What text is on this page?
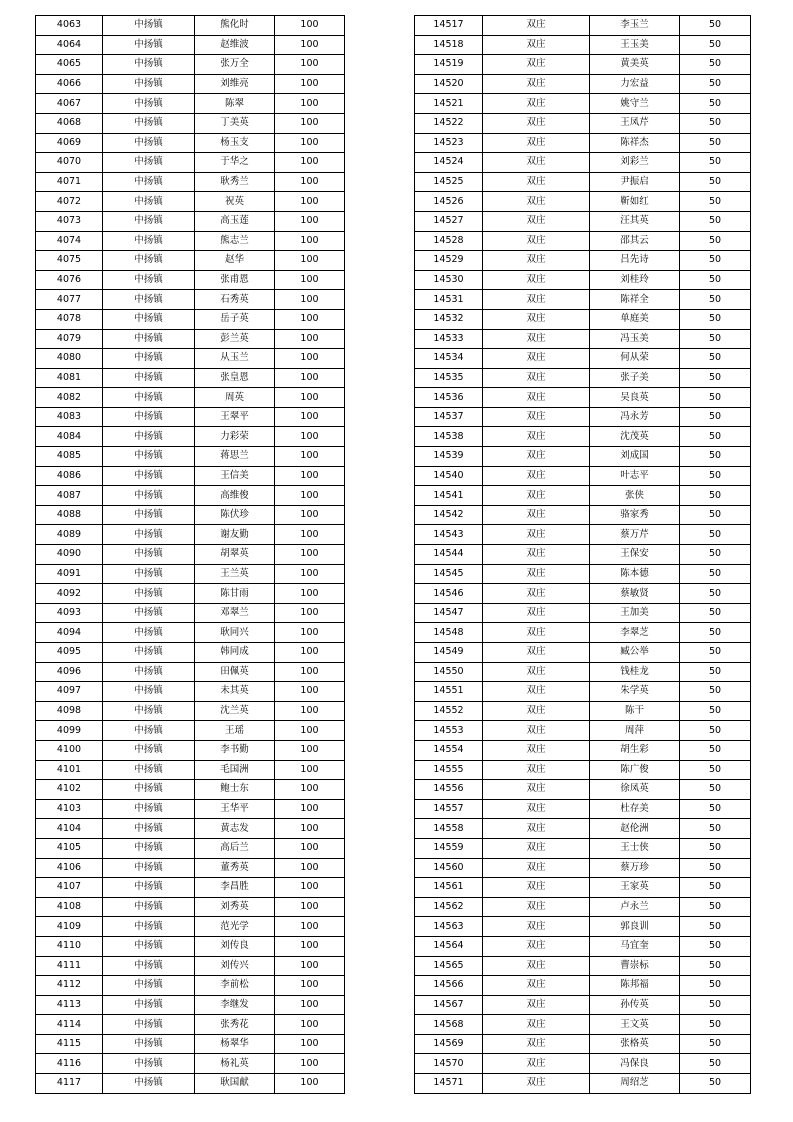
4063	中扬镇	熊化时	100
4064	中扬镇	赵维波	100
4065	中扬镇	张万全	100
4066	中扬镇	刘维亮	100
4067	中扬镇	陈翠	100
4068	中扬镇	丁美英	100
4069	中扬镇	杨玉支	100
4070	中扬镇	于华之	100
4071	中扬镇	耿秀兰	100
4072	中扬镇	祝英	100
4073	中扬镇	高玉莲	100
4074	中扬镇	熊志兰	100
4075	中扬镇	赵华	100
4076	中扬镇	张甫恩	100
4077	中扬镇	石秀英	100
4078	中扬镇	岳子英	100
4079	中扬镇	彭兰英	100
4080	中扬镇	从玉兰	100
4081	中扬镇	张皇恩	100
4082	中扬镇	周英	100
4083	中扬镇	王翠平	100
4084	中扬镇	力彩荣	100
4085	中扬镇	蒋思兰	100
4086	中扬镇	王信美	100
4087	中扬镇	高维俊	100
4088	中扬镇	陈伏珍	100
4089	中扬镇	谢友勤	100
4090	中扬镇	胡翠英	100
4091	中扬镇	王兰英	100
4092	中扬镇	陈甘雨	100
4093	中扬镇	邓翠兰	100
4094	中扬镇	耿同兴	100
4095	中扬镇	韩同成	100
4096	中扬镇	田佩英	100
4097	中扬镇	未其英	100
4098	中扬镇	沈兰英	100
4099	中扬镇	王瑶	100
4100	中扬镇	李书勤	100
4101	中扬镇	毛国洲	100
4102	中扬镇	鲍士东	100
4103	中扬镇	王华平	100
4104	中扬镇	黄志发	100
4105	中扬镇	高后兰	100
4106	中扬镇	董秀英	100
4107	中扬镇	李昌胜	100
4108	中扬镇	刘秀英	100
4109	中扬镇	范光学	100
4110	中扬镇	刘传良	100
4111	中扬镇	刘传兴	100
4112	中扬镇	李前松	100
4113	中扬镇	李继发	100
4114	中扬镇	张秀花	100
4115	中扬镇	杨翠华	100
4116	中扬镇	杨礼英	100
4117	中扬镇	耿国献	100
14517	双庄	李玉兰	50
14518	双庄	王玉美	50
14519	双庄	黄美英	50
14520	双庄	力宏益	50
14521	双庄	姚守兰	50
14522	双庄	王凤芹	50
14523	双庄	陈祥杰	50
14524	双庄	刘彩兰	50
14525	双庄	尹振启	50
14526	双庄	靳如红	50
14527	双庄	汪其英	50
14528	双庄	邵其云	50
14529	双庄	吕先诗	50
14530	双庄	刘桂玲	50
14531	双庄	陈祥全	50
14532	双庄	单庭美	50
14533	双庄	冯玉美	50
14534	双庄	何从荣	50
14535	双庄	张子美	50
14536	双庄	吴良英	50
14537	双庄	冯永芳	50
14538	双庄	沈茂英	50
14539	双庄	刘成国	50
14540	双庄	叶志平	50
14541	双庄	张侠	50
14542	双庄	骆家秀	50
14543	双庄	蔡万芹	50
14544	双庄	王保安	50
14545	双庄	陈本德	50
14546	双庄	蔡敏贤	50
14547	双庄	王加美	50
14548	双庄	李翠芝	50
14549	双庄	臧公举	50
14550	双庄	钱桂龙	50
14551	双庄	朱学英	50
14552	双庄	陈干	50
14553	双庄	周萍	50
14554	双庄	胡生彩	50
14555	双庄	陈广俊	50
14556	双庄	徐凤英	50
14557	双庄	杜存美	50
14558	双庄	赵伦洲	50
14559	双庄	王士侠	50
14560	双庄	蔡万珍	50
14561	双庄	王家英	50
14562	双庄	卢永兰	50
14563	双庄	郭良训	50
14564	双庄	马宜奎	50
14565	双庄	曹崇标	50
14566	双庄	陈邦福	50
14567	双庄	孙传英	50
14568	双庄	王文英	50
14569	双庄	张格英	50
14570	双庄	冯保良	50
14571	双庄	周绍芝	50
